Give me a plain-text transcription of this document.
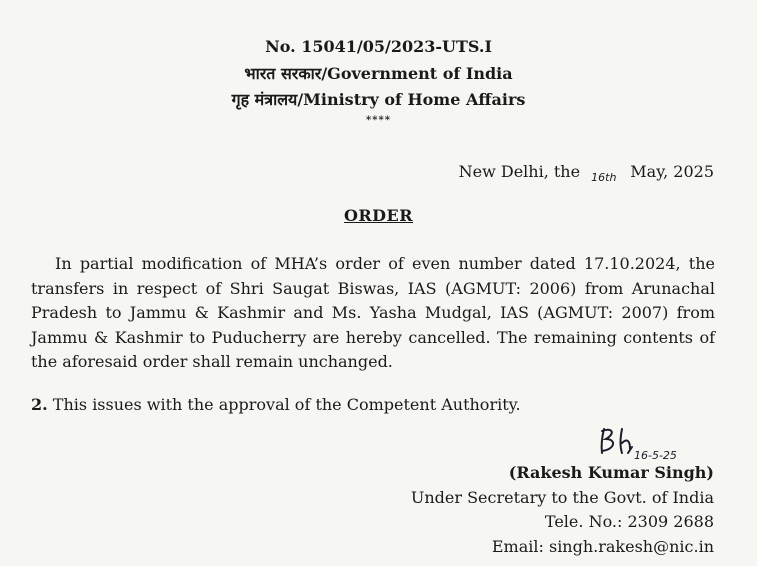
No. 15041/05/2023-UTS.I
भारत सरकार/Government of India
गृह मंत्रालय/Ministry of Home Affairs
****
New Delhi, the 16th May, 2025
ORDER
In partial modification of MHA’s order of even number dated 17.10.2024, the transfers in respect of Shri Saugat Biswas, IAS (AGMUT: 2006) from Arunachal Pradesh to Jammu & Kashmir and Ms. Yasha Mudgal, IAS (AGMUT: 2007) from Jammu & Kashmir to Puducherry are hereby cancelled. The remaining contents of the aforesaid order shall remain unchanged.
2. This issues with the approval of the Competent Authority.
16-5-25
(Rakesh Kumar Singh)
Under Secretary to the Govt. of India
Tele. No.: 2309 2688
Email: singh.rakesh@nic.in
